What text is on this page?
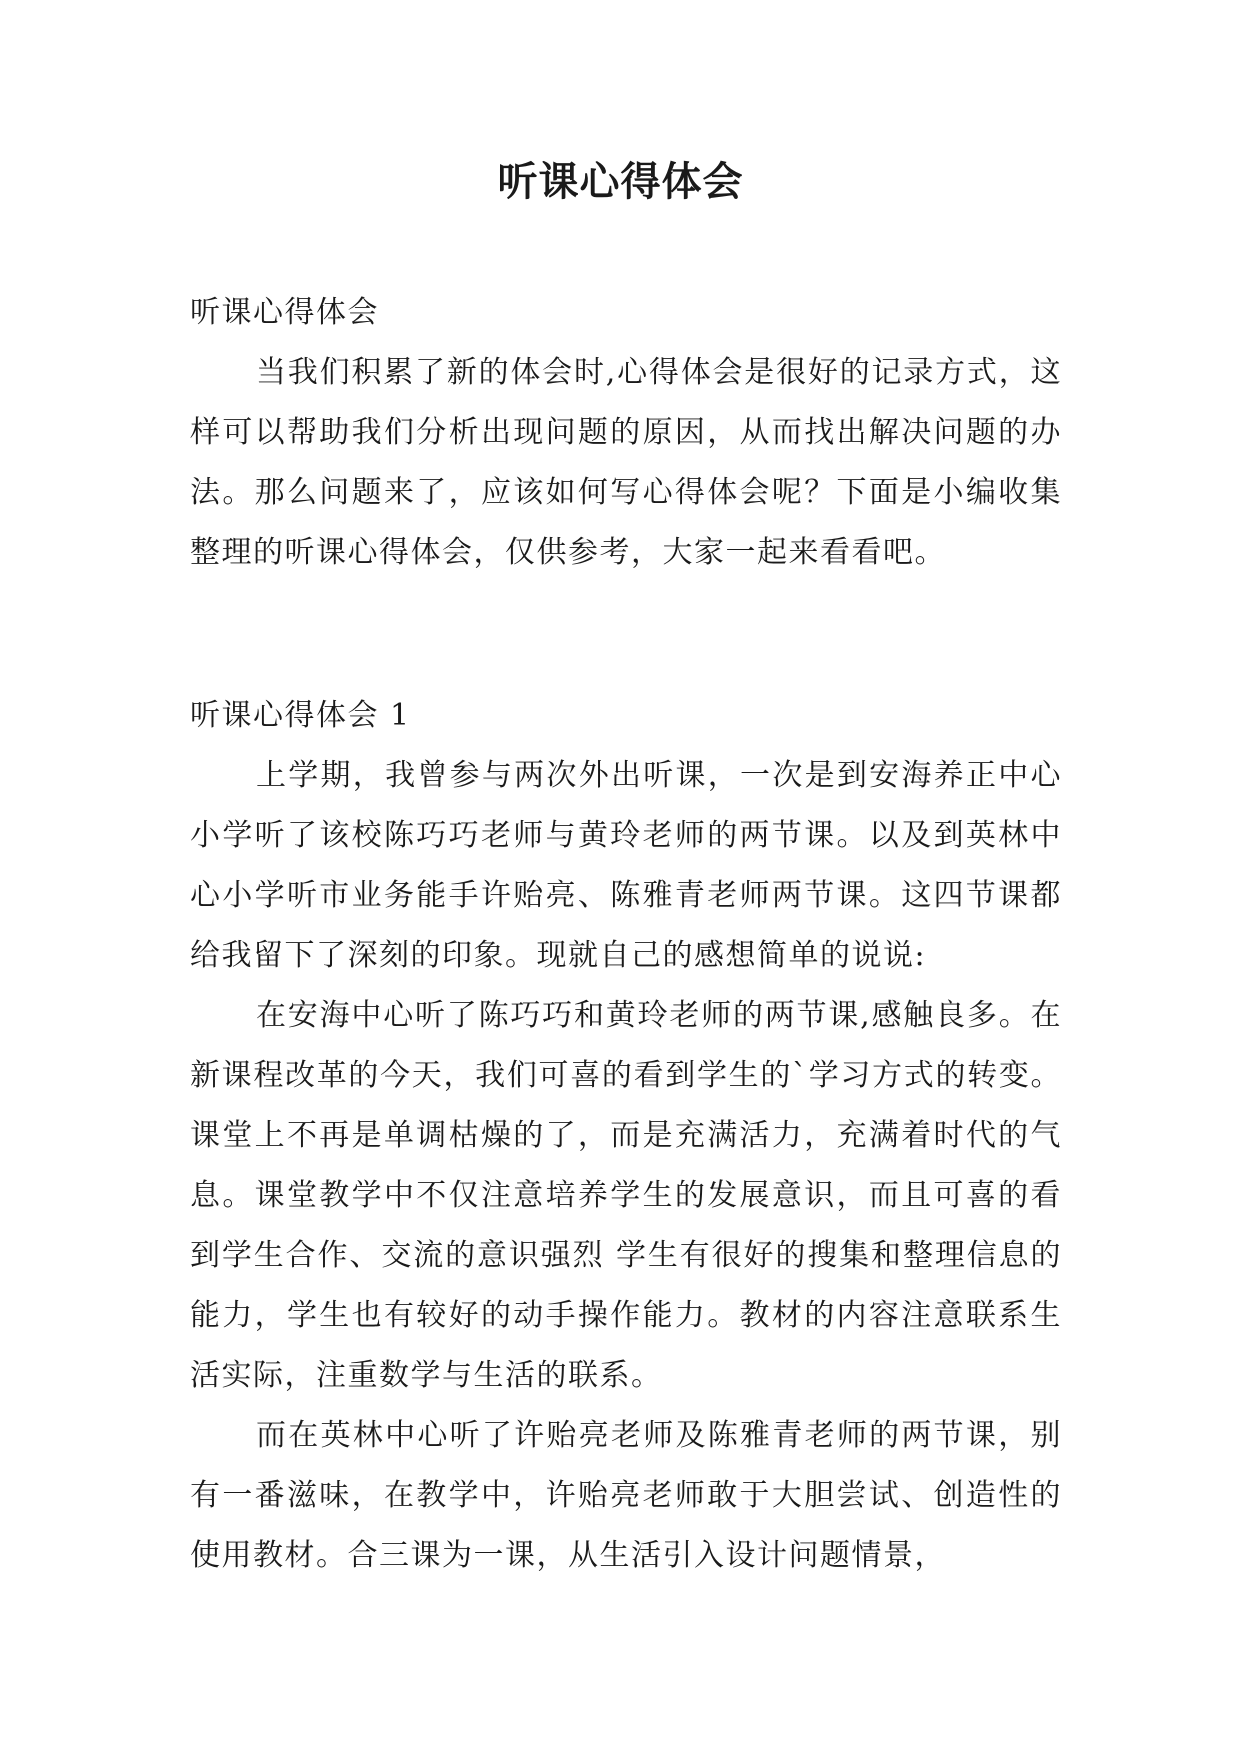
听课心得体会

听课心得体会

当我们积累了新的体会时,心得体会是很好的记录方式，这样可以帮助我们分析出现问题的原因，从而找出解决问题的办法。那么问题来了，应该如何写心得体会呢？下面是小编收集整理的听课心得体会，仅供参考，大家一起来看看吧。

听课心得体会 1

上学期，我曾参与两次外出听课，一次是到安海养正中心小学听了该校陈巧巧老师与黄玲老师的两节课。以及到英林中心小学听市业务能手许贻亮、陈雅青老师两节课。这四节课都给我留下了深刻的印象。现就自己的感想简单的说说:

在安海中心听了陈巧巧和黄玲老师的两节课,感触良多。在新课程改革的今天，我们可喜的看到学生的`学习方式的转变。课堂上不再是单调枯燥的了，而是充满活力，充满着时代的气息。课堂教学中不仅注意培养学生的发展意识，而且可喜的看到学生合作、交流的意识强烈 学生有很好的搜集和整理信息的能力，学生也有较好的动手操作能力。教材的内容注意联系生活实际，注重数学与生活的联系。

而在英林中心听了许贻亮老师及陈雅青老师的两节课，别有一番滋味，在教学中，许贻亮老师敢于大胆尝试、创造性的使用教材。合三课为一课，从生活引入设计问题情景，
